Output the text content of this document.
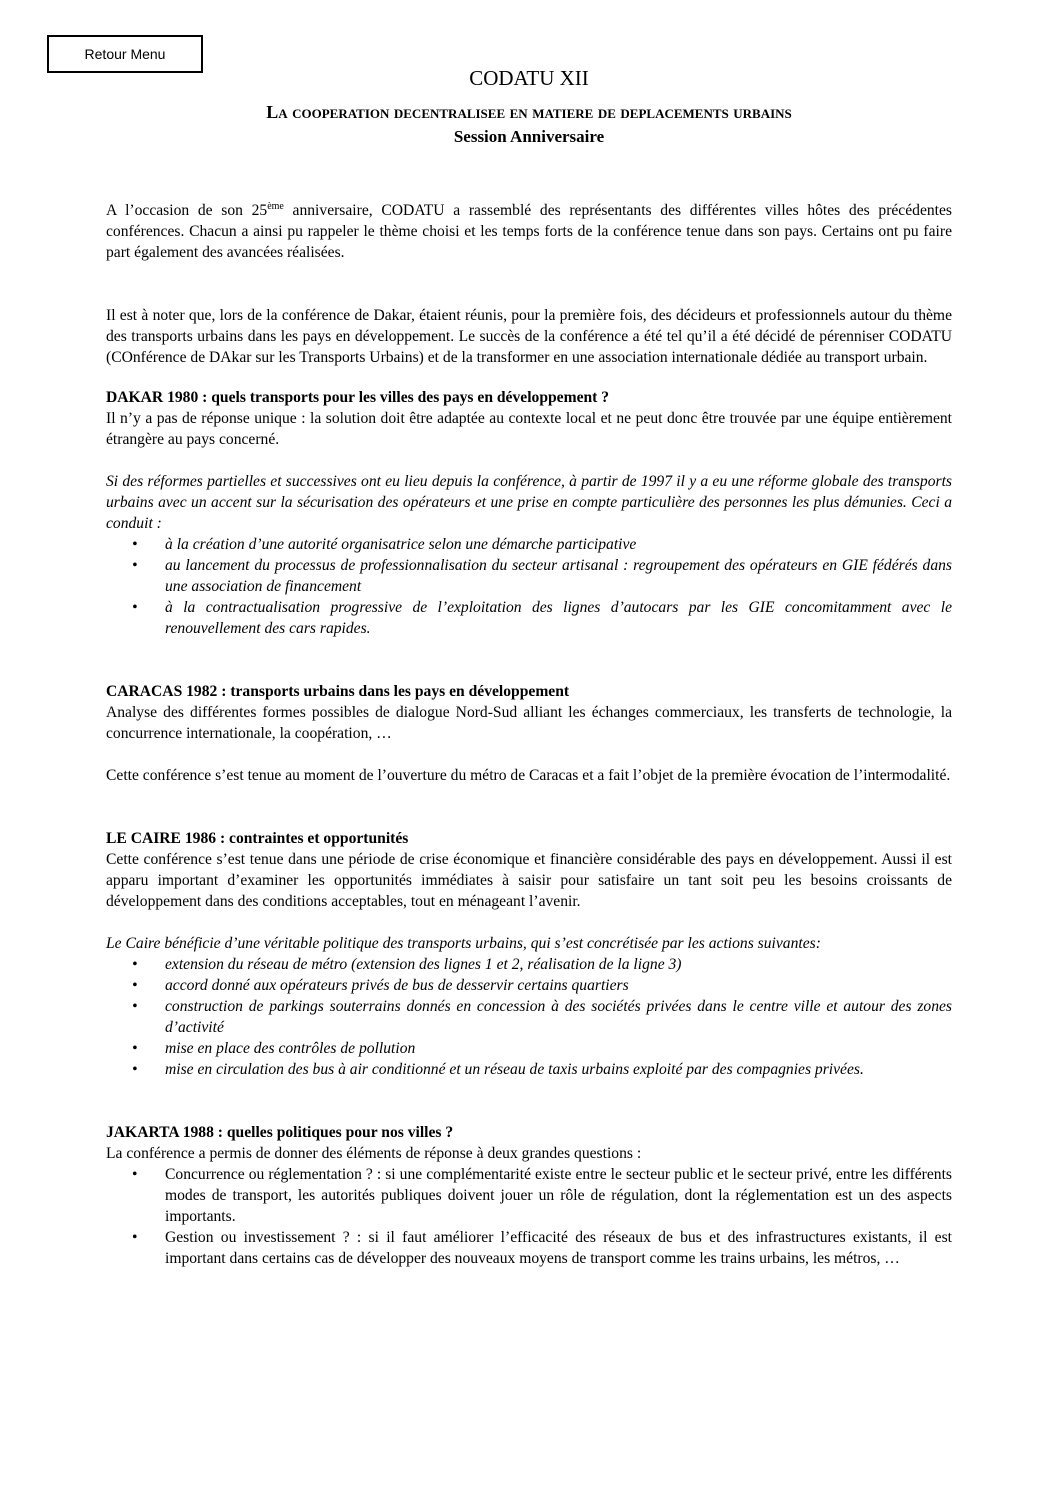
Retour Menu
CODATU XII
La cooperation decentralisee en matiere de deplacements urbains
Session Anniversaire

A l’occasion de son 25ème anniversaire, CODATU a rassemblé des représentants des différentes villes hôtes des précédentes conférences. Chacun a ainsi pu rappeler le thème choisi et les temps forts de la conférence tenue dans son pays. Certains ont pu faire part également des avancées réalisées.

Il est à noter que, lors de la conférence de Dakar, étaient réunis, pour la première fois, des décideurs et professionnels autour du thème des transports urbains dans les pays en développement. Le succès de la conférence a été tel qu’il a été décidé de pérenniser CODATU (COnférence de DAkar sur les Transports Urbains) et de la transformer en une association internationale dédiée au transport urbain.

DAKAR 1980 : quels transports pour les villes des pays en développement ?

Il n’y a pas de réponse unique : la solution doit être adaptée au contexte local et ne peut donc être trouvée par une équipe entièrement étrangère au pays concerné.

Si des réformes partielles et successives ont eu lieu depuis la conférence, à partir de 1997 il y a eu une réforme globale des transports urbains avec un accent sur la sécurisation des opérateurs et une prise en compte particulière des personnes les plus démunies. Ceci a conduit :

• à la création d’une autorité organisatrice selon une démarche participative
• au lancement du processus de professionnalisation du secteur artisanal : regroupement des opérateurs en GIE fédérés dans une association de financement
• à la contractualisation progressive de l’exploitation des lignes d’autocars par les GIE concomitamment avec le renouvellement des cars rapides.

CARACAS 1982 : transports urbains dans les pays en développement

Analyse des différentes formes possibles de dialogue Nord-Sud alliant les échanges commerciaux, les transferts de technologie, la concurrence internationale, la coopération, …

Cette conférence s’est tenue au moment de l’ouverture du métro de Caracas et a fait l’objet de la première évocation de l’intermodalité.

LE CAIRE 1986 : contraintes et opportunités

Cette conférence s’est tenue dans une période de crise économique et financière considérable des pays en développement. Aussi il est apparu important d’examiner les opportunités immédiates à saisir pour satisfaire un tant soit peu les besoins croissants de développement dans des conditions acceptables, tout en ménageant l’avenir.

Le Caire bénéficie d’une véritable politique des transports urbains, qui s’est concrétisée par les actions suivantes:

• extension du réseau de métro (extension des lignes 1 et 2, réalisation de la ligne 3)
• accord donné aux opérateurs privés de bus de desservir certains quartiers
• construction de parkings souterrains donnés en concession à des sociétés privées dans le centre ville et autour des zones d’activité
• mise en place des contrôles de pollution
• mise en circulation des bus à air conditionné et un réseau de taxis urbains exploité par des compagnies privées.

JAKARTA 1988 : quelles politiques pour nos villes ?

La conférence a permis de donner des éléments de réponse à deux grandes questions :

• Concurrence ou réglementation ? : si une complémentarité existe entre le secteur public et le secteur privé, entre les différents modes de transport, les autorités publiques doivent jouer un rôle de régulation, dont la réglementation est un des aspects importants.
• Gestion ou investissement ? : si il faut améliorer l’efficacité des réseaux de bus et des infrastructures existants, il est important dans certains cas de développer des nouveaux moyens de transport comme les trains urbains, les métros, …
